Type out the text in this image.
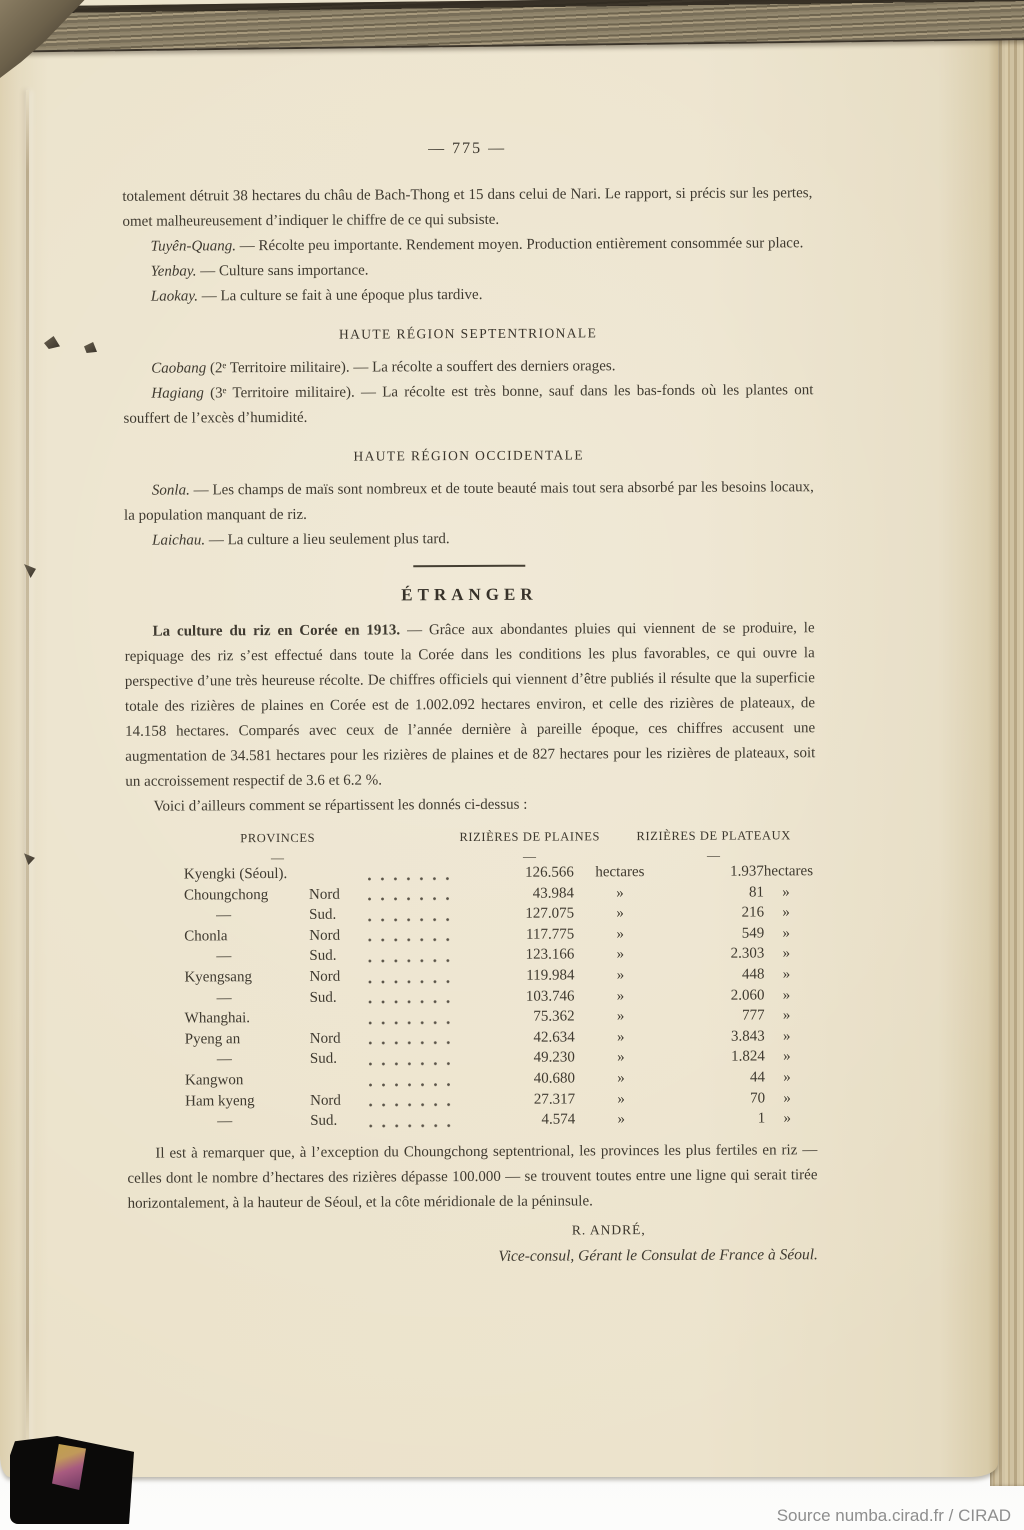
— 775 —

totalement détruit 38 hectares du châu de Bach-Thong et 15 dans celui de Nari. Le rapport, si précis sur les pertes, omet malheureusement d’indiquer le chiffre de ce qui subsiste.

Tuyên-Quang. — Récolte peu importante. Rendement moyen. Production entièrement consommée sur place.

Yenbay. — Culture sans importance.

Laokay. — La culture se fait à une époque plus tardive.

HAUTE RÉGION SEPTENTRIONALE

Caobang (2ᵉ Territoire militaire). — La récolte a souffert des derniers orages.

Hagiang (3ᵉ Territoire militaire). — La récolte est très bonne, sauf dans les bas-fonds où les plantes ont souffert de l’excès d’humidité.

HAUTE RÉGION OCCIDENTALE

Sonla. — Les champs de maïs sont nombreux et de toute beauté mais tout sera absorbé par les besoins locaux, la population manquant de riz.

Laichau. — La culture a lieu seulement plus tard.

ÉTRANGER

La culture du riz en Corée en 1913. — Grâce aux abondantes pluies qui viennent de se produire, le repiquage des riz s’est effectué dans toute la Corée dans les conditions les plus favorables, ce qui ouvre la perspective d’une très heureuse récolte. De chiffres officiels qui viennent d’être publiés il résulte que la superficie totale des rizières de plaines en Corée est de 1.002.092 hectares environ, et celle des rizières de plateaux, de 14.158 hectares. Comparés avec ceux de l’année dernière à pareille époque, ces chiffres accusent une augmentation de 34.581 hectares pour les rizières de plaines et de 827 hectares pour les rizières de plateaux, soit un accroissement respectif de 3.6 et 6.2 %.

Voici d’ailleurs comment se répartissent les donnés ci-dessus :

PROVINCES
—
RIZIÈRES DE PLAINES
—
RIZIÈRES DE PLATEAUX
—
Kyengki (Séoul).	126.566	hectares	1.937 hectares
Choungchong	Nord	43.984	»	81	»
—	Sud.	127.075	»	216	»
Chonla	Nord	117.775	»	549	»
—	Sud.	123.166	»	2.303	»
Kyengsang	Nord	119.984	»	448	»
—	Sud.	103.746	»	2.060	»
Whanghai.	75.362	»	777	»
Pyeng an	Nord	42.634	»	3.843	»
—	Sud.	49.230	»	1.824	»
Kangwon	40.680	»	44	»
Ham kyeng	Nord	27.317	»	70	»
—	Sud.	4.574	»	1	»

Il est à remarquer que, à l’exception du Choungchong septentrional, les provinces les plus fertiles en riz — celles dont le nombre d’hectares des rizières dépasse 100.000 — se trouvent toutes entre une ligne qui serait tirée horizontalement, à la hauteur de Séoul, et la côte méridionale de la péninsule.

R. ANDRÉ,
Vice-consul, Gérant le Consulat de France à Séoul.
Source numba.cirad.fr / CIRAD
